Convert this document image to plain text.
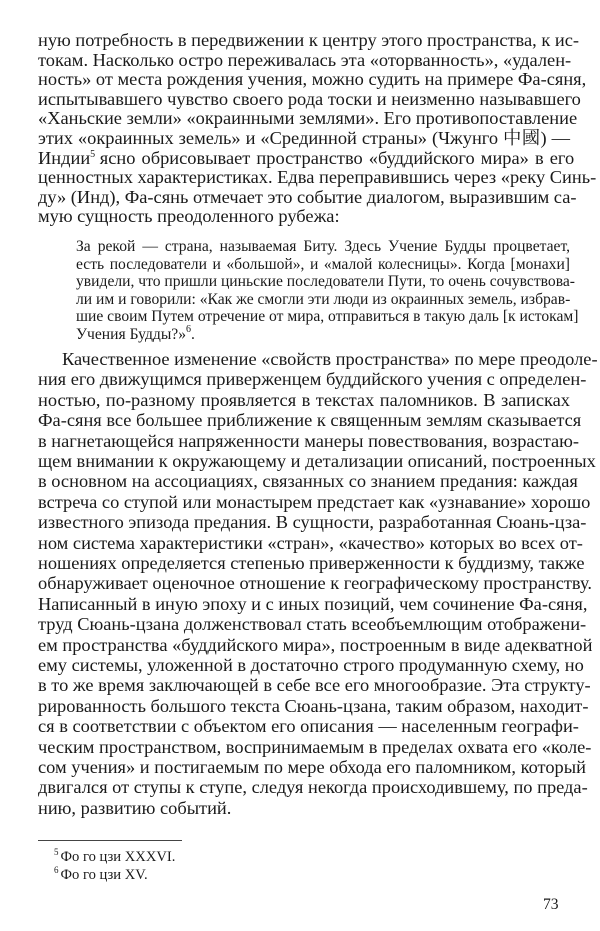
ную потребность в передвижении к центру этого пространства, к ис-
токам. Насколько остро переживалась эта «оторванность», «удален-
ность» от места рождения учения, можно судить на примере Фа-сяня,
испытывавшего чувство своего рода тоски и неизменно называвшего
«Ханьские земли» «окраинными землями». Его противопоставление
этих «окраинных земель» и «Срединной страны» (Чжунго 中國) —
Индии$^5$ ясно обрисовывает пространство «буддийского мира» в его
ценностных характеристиках. Едва переправившись через «реку Синь-
ду» (Инд), Фа-сянь отмечает это событие диалогом, выразившим са-
мую сущность преодоленного рубежа:
За рекой — страна, называемая Биту. Здесь Учение Будды процветает,
есть последователи и «большой», и «малой колесницы». Когда [монахи]
увидели, что пришли циньские последователи Пути, то очень сочувствова-
ли им и говорили: «Как же смогли эти люди из окраинных земель, избрав-
шие своим Путем отречение от мира, отправиться в такую даль [к истокам]
Учения Будды?»$^6$.
Качественное изменение «свойств пространства» по мере преодоле-
ния его движущимся приверженцем буддийского учения с определен-
ностью, по-разному проявляется в текстах паломников. В записках
Фа-сяня все большее приближение к священным землям сказывается
в нагнетающейся напряженности манеры повествования, возрастаю-
щем внимании к окружающему и детализации описаний, построенных
в основном на ассоциациях, связанных со знанием предания: каждая
встреча со ступой или монастырем предстает как «узнавание» хорошо
известного эпизода предания. В сущности, разработанная Сюань-цза-
ном система характеристики «стран», «качество» которых во всех от-
ношениях определяется степенью приверженности к буддизму, также
обнаруживает оценочное отношение к географическому пространству.
Написанный в иную эпоху и с иных позиций, чем сочинение Фа-сяня,
труд Сюань-цзана долженствовал стать всеобъемлющим отображени-
ем пространства «буддийского мира», построенным в виде адекватной
ему системы, уложенной в достаточно строго продуманную схему, но
в то же время заключающей в себе все его многообразие. Эта структу-
рированность большого текста Сюань-цзана, таким образом, находит-
ся в соответствии с объектом его описания — населенным географи-
ческим пространством, воспринимаемым в пределах охвата его «коле-
сом учения» и постигаемым по мере обхода его паломником, который
двигался от ступы к ступе, следуя некогда происходившему, по преда-
нию, развитию событий.
$^5$ Фо го цзи XXXVI.
$^6$ Фо го цзи XV.
73
